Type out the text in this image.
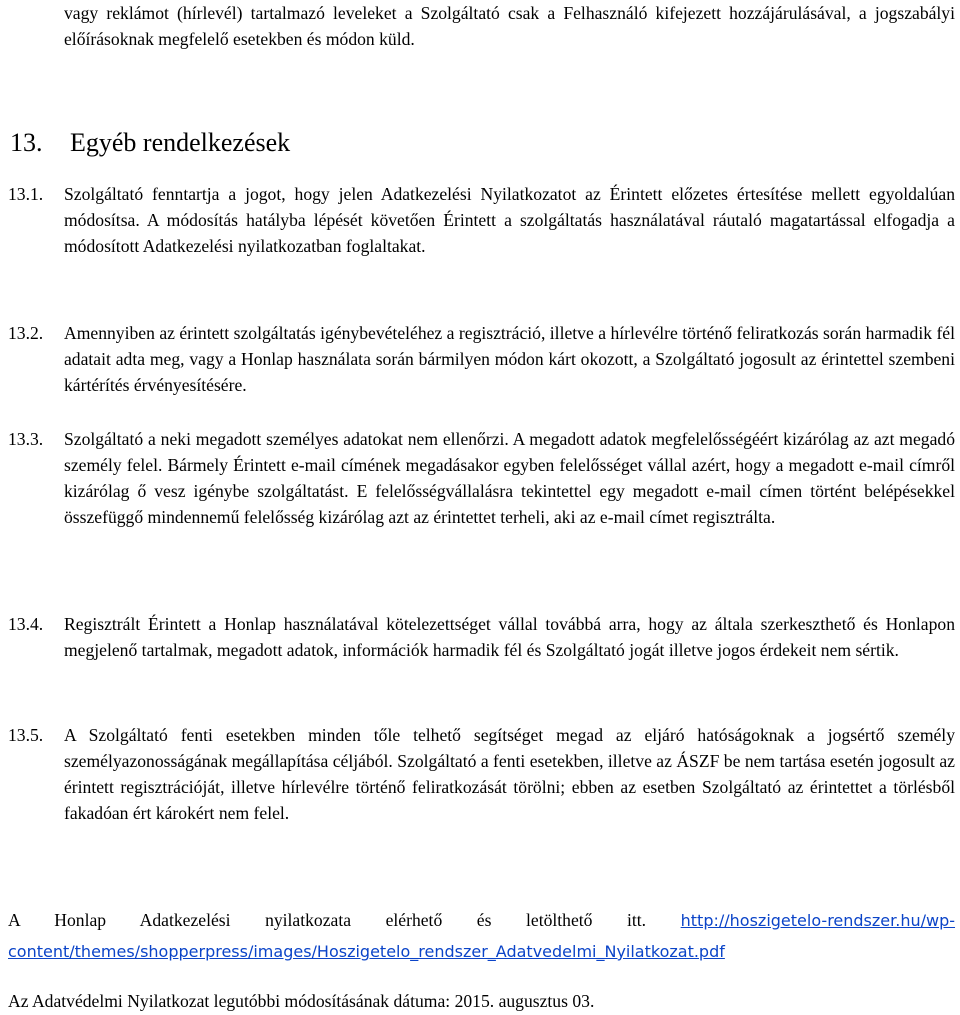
vagy reklámot (hírlevél) tartalmazó leveleket a Szolgáltató csak a Felhasználó kifejezett hozzájárulásával, a jogszabályi előírásoknak megfelelő esetekben és módon küld.

13. Egyéb rendelkezések
13.1. Szolgáltató fenntartja a jogot, hogy jelen Adatkezelési Nyilatkozatot az Érintett előzetes értesítése mellett egyoldalúan módosítsa. A módosítás hatályba lépését követően Érintett a szolgáltatás használatával ráutaló magatartással elfogadja a módosított Adatkezelési nyilatkozatban foglaltakat.

13.2. Amennyiben az érintett szolgáltatás igénybevételéhez a regisztráció, illetve a hírlevélre történő feliratkozás során harmadik fél adatait adta meg, vagy a Honlap használata során bármilyen módon kárt okozott, a Szolgáltató jogosult az érintettel szembeni kártérítés érvényesítésére.

13.3. Szolgáltató a neki megadott személyes adatokat nem ellenőrzi. A megadott adatok megfelelősségéért kizárólag az azt megadó személy felel. Bármely Érintett e-mail címének megadásakor egyben felelősséget vállal azért, hogy a megadott e-mail címről kizárólag ő vesz igénybe szolgáltatást. E felelősségvállalásra tekintettel egy megadott e-mail címen történt belépésekkel összefüggő mindennemű felelősség kizárólag azt az érintettet terheli, aki az e-mail címet regisztrálta.

13.4. Regisztrált Érintett a Honlap használatával kötelezettséget vállal továbbá arra, hogy az általa szerkeszthető és Honlapon megjelenő tartalmak, megadott adatok, információk harmadik fél és Szolgáltató jogát illetve jogos érdekeit nem sértik.

13.5. A Szolgáltató fenti esetekben minden tőle telhető segítséget megad az eljáró hatóságoknak a jogsértő személy személyazonosságának megállapítása céljából. Szolgáltató a fenti esetekben, illetve az ÁSZF be nem tartása esetén jogosult az érintett regisztrációját, illetve hírlevélre történő feliratkozását törölni; ebben az esetben Szolgáltató az érintettet a törlésből fakadóan ért károkért nem felel.

A Honlap Adatkezelési nyilatkozata elérhető és letölthető itt. http://hoszigetelo-rendszer.hu/wp-content/themes/shopperpress/images/Hoszigetelo_rendszer_Adatvedelmi_Nyilatkozat.pdf

Az Adatvédelmi Nyilatkozat legutóbbi módosításának dátuma: 2015. augusztus 03.
